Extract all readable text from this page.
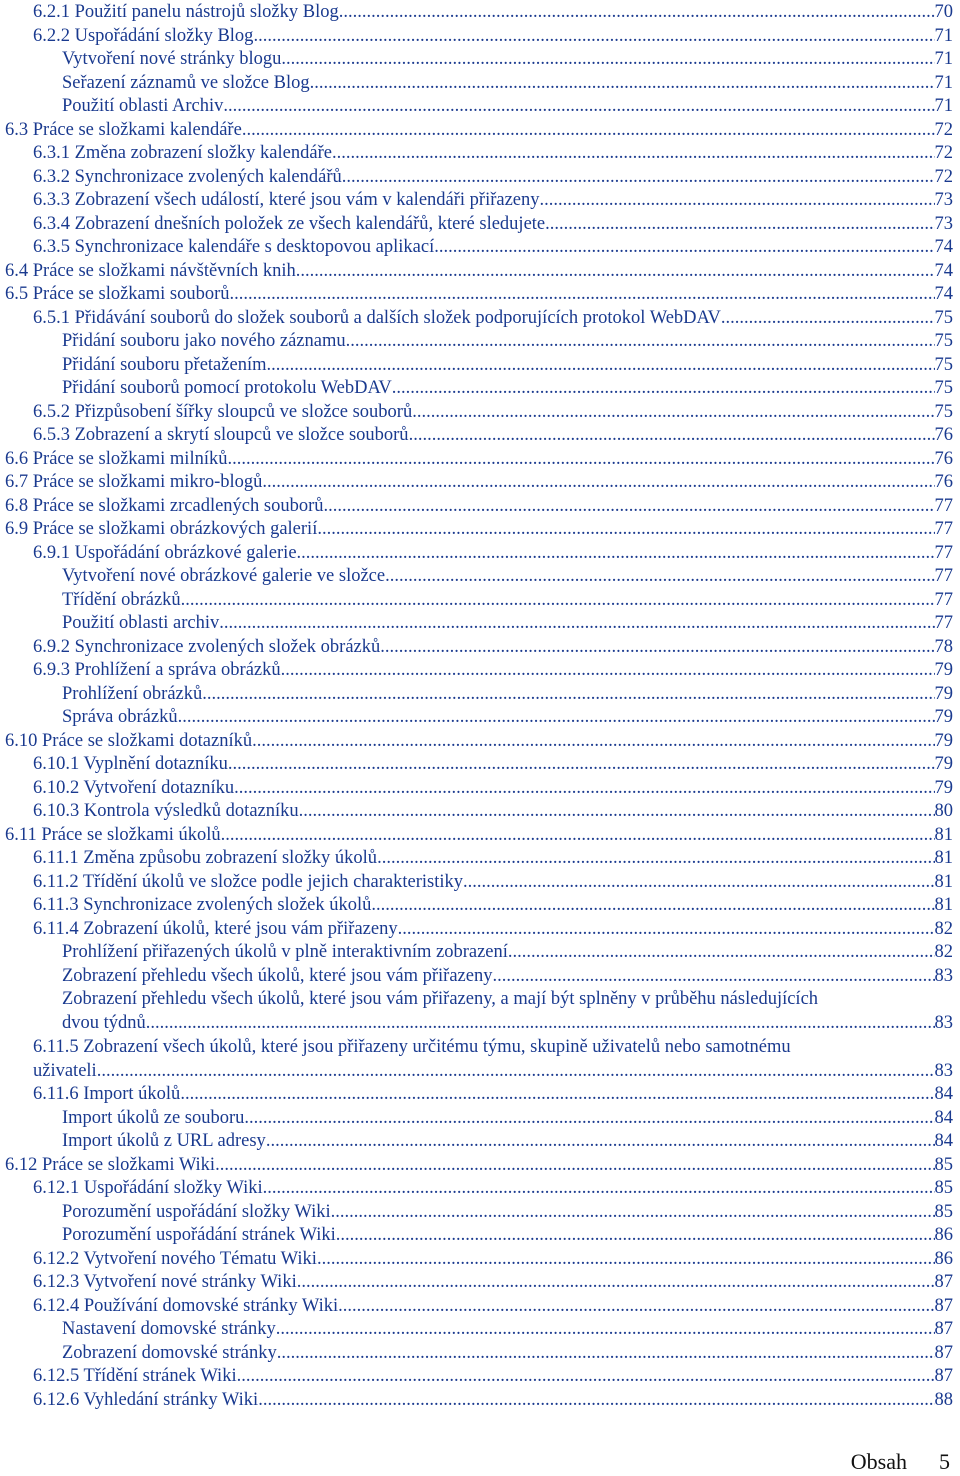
6.2.1 Použití panelu nástrojů složky Blog .....	70
6.2.2 Uspořádání složky Blog .....	71
Vytvoření nové stránky blogu .....	71
Seřazení záznamů ve složce Blog .....	71
Použití oblasti Archiv .....	71
6.3 Práce se složkami kalendáře .....	72
6.3.1 Změna zobrazení složky kalendáře .....	72
6.3.2 Synchronizace zvolených kalendářů .....	72
6.3.3 Zobrazení všech událostí, které jsou vám v kalendáři přiřazeny .....	73
6.3.4 Zobrazení dnešních položek ze všech kalendářů, které sledujete .....	73
6.3.5 Synchronizace kalendáře s desktopovou aplikací .....	74
6.4 Práce se složkami návštěvních knih .....	74
6.5 Práce se složkami souborů .....	74
6.5.1 Přidávání souborů do složek souborů a dalších složek podporujících protokol WebDAV .....	75
Přidání souboru jako nového záznamu .....	75
Přidání souboru přetažením .....	75
Přidání souborů pomocí protokolu WebDAV .....	75
6.5.2 Přizpůsobení šířky sloupců ve složce souborů .....	75
6.5.3 Zobrazení a skrytí sloupců ve složce souborů .....	76
6.6 Práce se složkami milníků .....	76
6.7 Práce se složkami mikro-blogů .....	76
6.8 Práce se složkami zrcadlených souborů .....	77
6.9 Práce se složkami obrázkových galerií .....	77
6.9.1 Uspořádání obrázkové galerie .....	77
Vytvoření nové obrázkové galerie ve složce .....	77
Třídění obrázků .....	77
Použití oblasti archiv .....	77
6.9.2 Synchronizace zvolených složek obrázků .....	78
6.9.3 Prohlížení a správa obrázků .....	79
Prohlížení obrázků .....	79
Správa obrázků .....	79
6.10 Práce se složkami dotazníků .....	79
6.10.1 Vyplnění dotazníku .....	79
6.10.2 Vytvoření dotazníku .....	79
6.10.3 Kontrola výsledků dotazníku .....	80
6.11 Práce se složkami úkolů .....	81
6.11.1 Změna způsobu zobrazení složky úkolů .....	81
6.11.2 Třídění úkolů ve složce podle jejich charakteristiky .....	81
6.11.3 Synchronizace zvolených složek úkolů .....	81
6.11.4 Zobrazení úkolů, které jsou vám přiřazeny .....	82
Prohlížení přiřazených úkolů v plně interaktivním zobrazení .....	82
Zobrazení přehledu všech úkolů, které jsou vám přiřazeny .....	83
Zobrazení přehledu všech úkolů, které jsou vám přiřazeny, a mají být splněny v průběhu následujících
dvou týdnů .....	83
6.11.5 Zobrazení všech úkolů, které jsou přiřazeny určitému týmu, skupině uživatelů nebo samotnému
uživateli .....	83
6.11.6 Import úkolů .....	84
Import úkolů ze souboru .....	84
Import úkolů z URL adresy .....	84
6.12 Práce se složkami Wiki .....	85
6.12.1 Uspořádání složky Wiki .....	85
Porozumění uspořádání složky Wiki .....	85
Porozumění uspořádání stránek Wiki .....	86
6.12.2 Vytvoření nového Tématu Wiki .....	86
6.12.3 Vytvoření nové stránky Wiki .....	87
6.12.4 Používání domovské stránky Wiki .....	87
Nastavení domovské stránky .....	87
Zobrazení domovské stránky .....	87
6.12.5 Třídění stránek Wiki .....	87
6.12.6 Vyhledání stránky Wiki .....	88
Obsah 5
